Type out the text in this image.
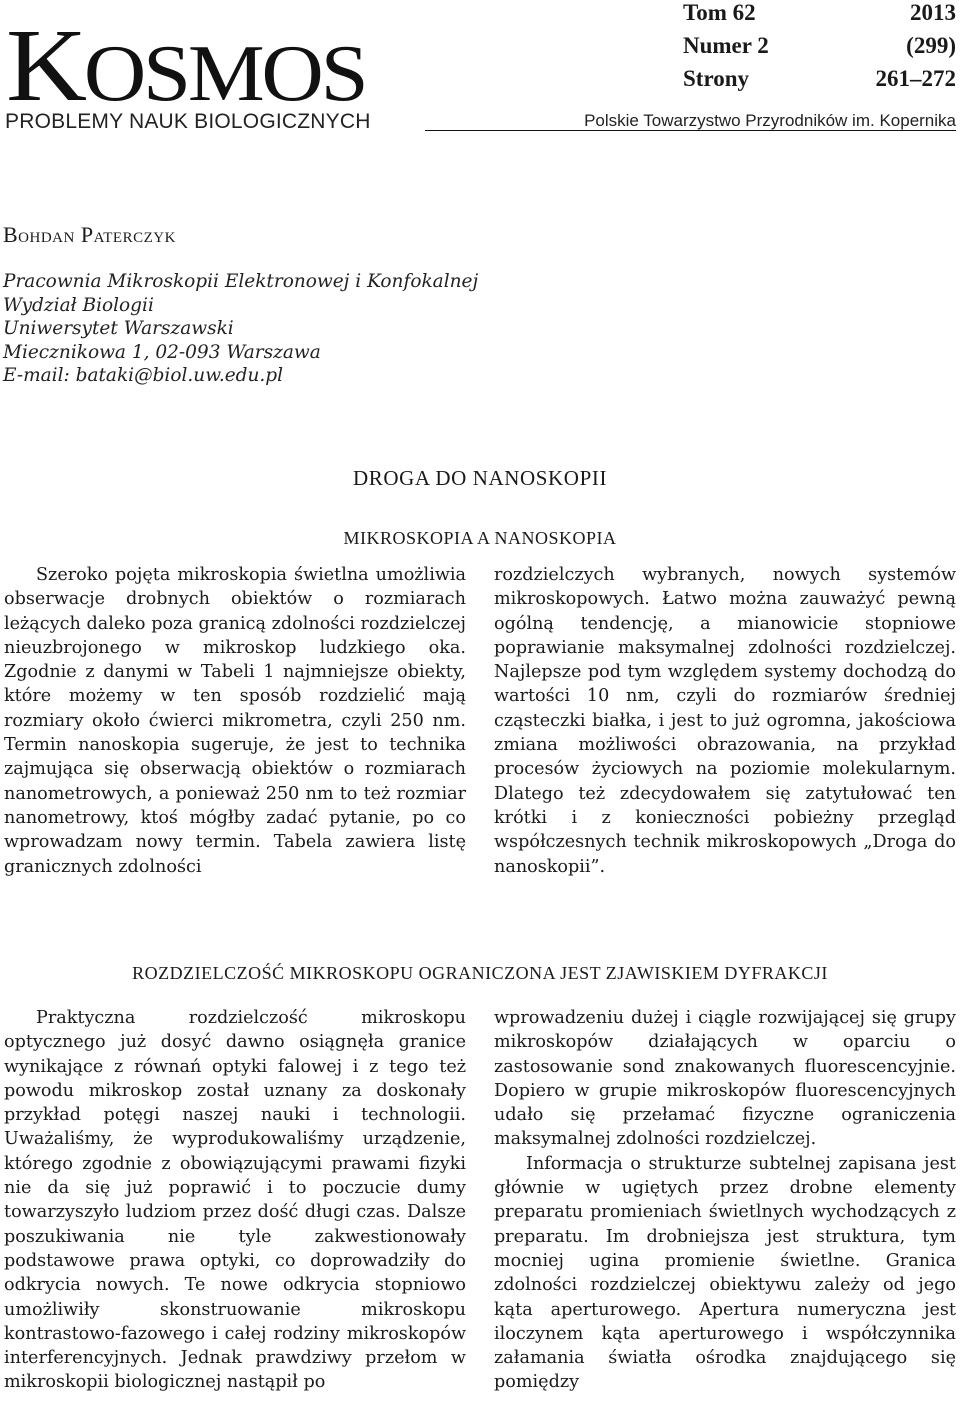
KOSMOS
PROBLEMY NAUK BIOLOGICZNYCH
Tom 62	2013
Numer 2	(299)
Strony	261–272
Polskie Towarzystwo Przyrodników im. Kopernika
Bohdan Paterczyk
Pracownia Mikroskopii Elektronowej i Konfokalnej
Wydział Biologii
Uniwersytet Warszawski
Miecznikowa 1, 02-093 Warszawa
E-mail: bataki@biol.uw.edu.pl
DROGA DO NANOSKOPII
MIKROSKOPIA A NANOSKOPIA

Szeroko pojęta mikroskopia świetlna umożliwia obserwacje drobnych obiektów o rozmiarach leżących daleko poza granicą zdolności rozdzielczej nieuzbrojonego w mikroskop ludzkiego oka. Zgodnie z danymi w Tabeli 1 najmniejsze obiekty, które możemy w ten sposób rozdzielić mają rozmiary około ćwierci mikrometra, czyli 250 nm. Termin nanoskopia sugeruje, że jest to technika zajmująca się obserwacją obiektów o rozmiarach nanometrowych, a ponieważ 250 nm to też rozmiar nanometrowy, ktoś mógłby zadać pytanie, po co wprowadzam nowy termin. Tabela zawiera listę granicznych zdolności

rozdzielczych wybranych, nowych systemów mikroskopowych. Łatwo można zauważyć pewną ogólną tendencję, a mianowicie stopniowe poprawianie maksymalnej zdolności rozdzielczej. Najlepsze pod tym względem systemy dochodzą do wartości 10 nm, czyli do rozmiarów średniej cząsteczki białka, i jest to już ogromna, jakościowa zmiana możliwości obrazowania, na przykład procesów życiowych na poziomie molekularnym. Dlatego też zdecydowałem się zatytułować ten krótki i z konieczności pobieżny przegląd współczesnych technik mikroskopowych „Droga do nanoskopii”.

ROZDZIELCZOŚĆ MIKROSKOPU OGRANICZONA JEST ZJAWISKIEM DYFRAKCJI

Praktyczna rozdzielczość mikroskopu optycznego już dosyć dawno osiągnęła granice wynikające z równań optyki falowej i z tego też powodu mikroskop został uznany za doskonały przykład potęgi naszej nauki i technologii. Uważaliśmy, że wyprodukowaliśmy urządzenie, którego zgodnie z obowiązującymi prawami fizyki nie da się już poprawić i to poczucie dumy towarzyszyło ludziom przez dość długi czas. Dalsze poszukiwania nie tyle zakwestionowały podstawowe prawa optyki, co doprowadziły do odkrycia nowych. Te nowe odkrycia stopniowo umożliwiły skonstruowanie mikroskopu kontrastowo-fazowego i całej rodziny mikroskopów interferencyjnych. Jednak prawdziwy przełom w mikroskopii biologicznej nastąpił po

wprowadzeniu dużej i ciągle rozwijającej się grupy mikroskopów działających w oparciu o zastosowanie sond znakowanych fluorescencyjnie. Dopiero w grupie mikroskopów fluorescencyjnych udało się przełamać fizyczne ograniczenia maksymalnej zdolności rozdzielczej.

Informacja o strukturze subtelnej zapisana jest głównie w ugiętych przez drobne elementy preparatu promieniach świetlnych wychodzących z preparatu. Im drobniejsza jest struktura, tym mocniej ugina promienie świetlne. Granica zdolności rozdzielczej obiektywu zależy od jego kąta aperturowego. Apertura numeryczna jest iloczynem kąta aperturowego i współczynnika załamania światła ośrodka znajdującego się pomiędzy
